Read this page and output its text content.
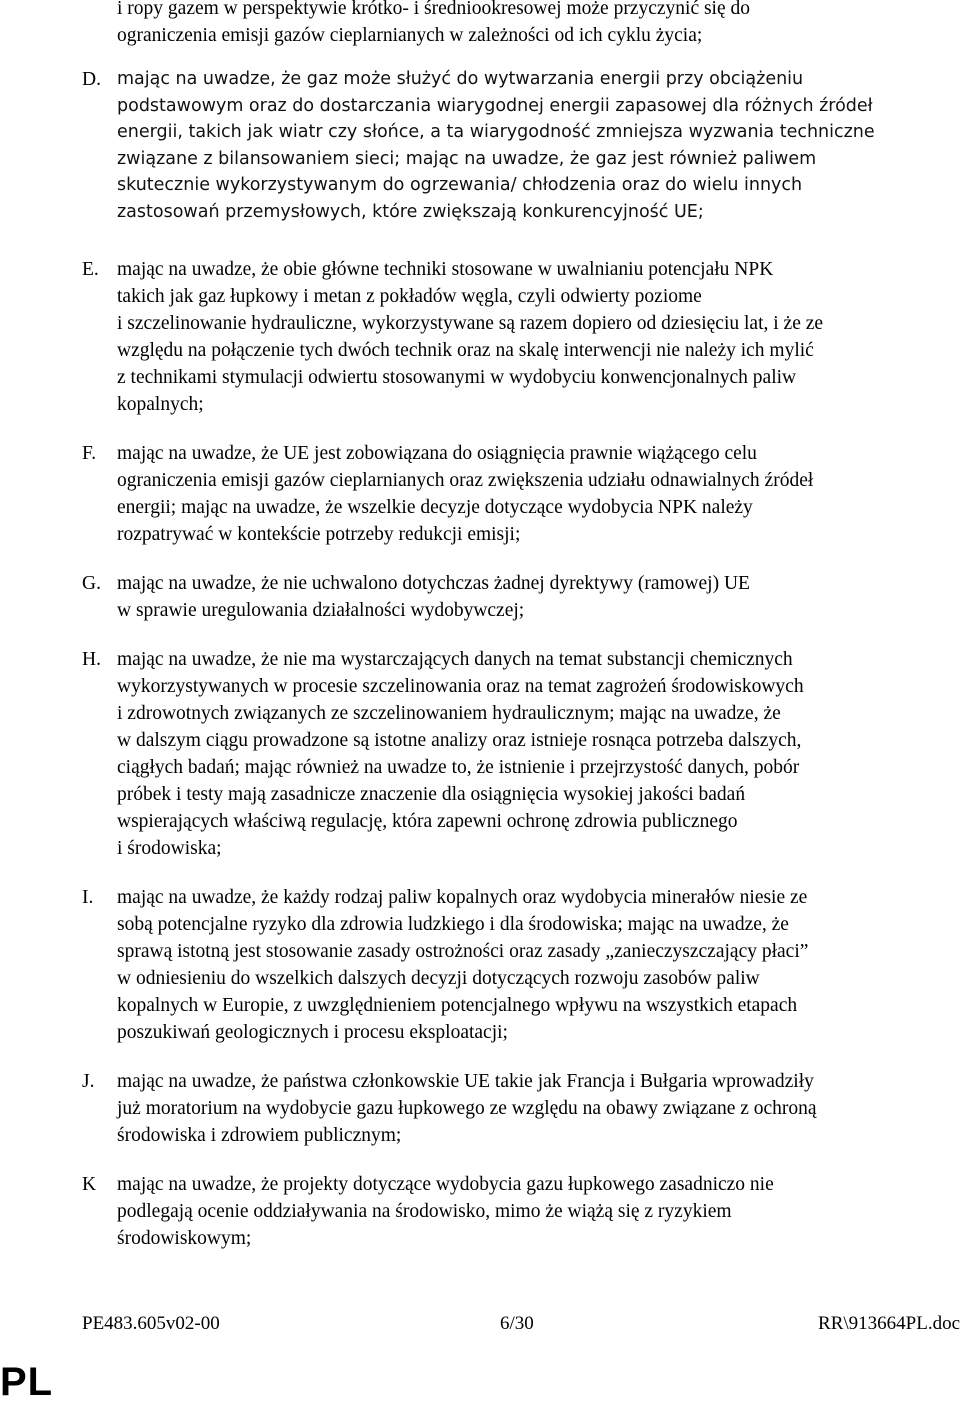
i ropy gazem w perspektywie krótko- i średniookresowej może przyczynić się do
ograniczenia emisji gazów cieplarnianych w zależności od ich cyklu życia;
D. mając na uwadze, że gaz może służyć do wytwarzania energii przy obciążeniu
podstawowym oraz do dostarczania wiarygodnej energii zapasowej dla różnych źródeł
energii, takich jak wiatr czy słońce, a ta wiarygodność zmniejsza wyzwania techniczne
związane z bilansowaniem sieci; mając na uwadze, że gaz jest również paliwem
skutecznie wykorzystywanym do ogrzewania/ chłodzenia oraz do wielu innych
zastosowań przemysłowych, które zwiększają konkurencyjność UE;
E. mając na uwadze, że obie główne techniki stosowane w uwalnianiu potencjału NPK
takich jak gaz łupkowy i metan z pokładów węgla, czyli odwierty poziome
i szczelinowanie hydrauliczne, wykorzystywane są razem dopiero od dziesięciu lat, i że ze
względu na połączenie tych dwóch technik oraz na skalę interwencji nie należy ich mylić
z technikami stymulacji odwiertu stosowanymi w wydobyciu konwencjonalnych paliw
kopalnych;
F. mając na uwadze, że UE jest zobowiązana do osiągnięcia prawnie wiążącego celu
ograniczenia emisji gazów cieplarnianych oraz zwiększenia udziału odnawialnych źródeł
energii; mając na uwadze, że wszelkie decyzje dotyczące wydobycia NPK należy
rozpatrywać w kontekście potrzeby redukcji emisji;
G. mając na uwadze, że nie uchwalono dotychczas żadnej dyrektywy (ramowej) UE
w sprawie uregulowania działalności wydobywczej;
H. mając na uwadze, że nie ma wystarczających danych na temat substancji chemicznych
wykorzystywanych w procesie szczelinowania oraz na temat zagrożeń środowiskowych
i zdrowotnych związanych ze szczelinowaniem hydraulicznym; mając na uwadze, że
w dalszym ciągu prowadzone są istotne analizy oraz istnieje rosnąca potrzeba dalszych,
ciągłych badań; mając również na uwadze to, że istnienie i przejrzystość danych, pobór
próbek i testy mają zasadnicze znaczenie dla osiągnięcia wysokiej jakości badań
wspierających właściwą regulację, która zapewni ochronę zdrowia publicznego
i środowiska;
I. mając na uwadze, że każdy rodzaj paliw kopalnych oraz wydobycia minerałów niesie ze
sobą potencjalne ryzyko dla zdrowia ludzkiego i dla środowiska; mając na uwadze, że
sprawą istotną jest stosowanie zasady ostrożności oraz zasady „zanieczyszczający płaci”
w odniesieniu do wszelkich dalszych decyzji dotyczących rozwoju zasobów paliw
kopalnych w Europie, z uwzględnieniem potencjalnego wpływu na wszystkich etapach
poszukiwań geologicznych i procesu eksploatacji;
J. mając na uwadze, że państwa członkowskie UE takie jak Francja i Bułgaria wprowadziły
już moratorium na wydobycie gazu łupkowego ze względu na obawy związane z ochroną
środowiska i zdrowiem publicznym;
K mając na uwadze, że projekty dotyczące wydobycia gazu łupkowego zasadniczo nie
podlegają ocenie oddziaływania na środowisko, mimo że wiążą się z ryzykiem
środowiskowym;
PE483.605v02-00	6/30	RR\913664PL.doc
PL
